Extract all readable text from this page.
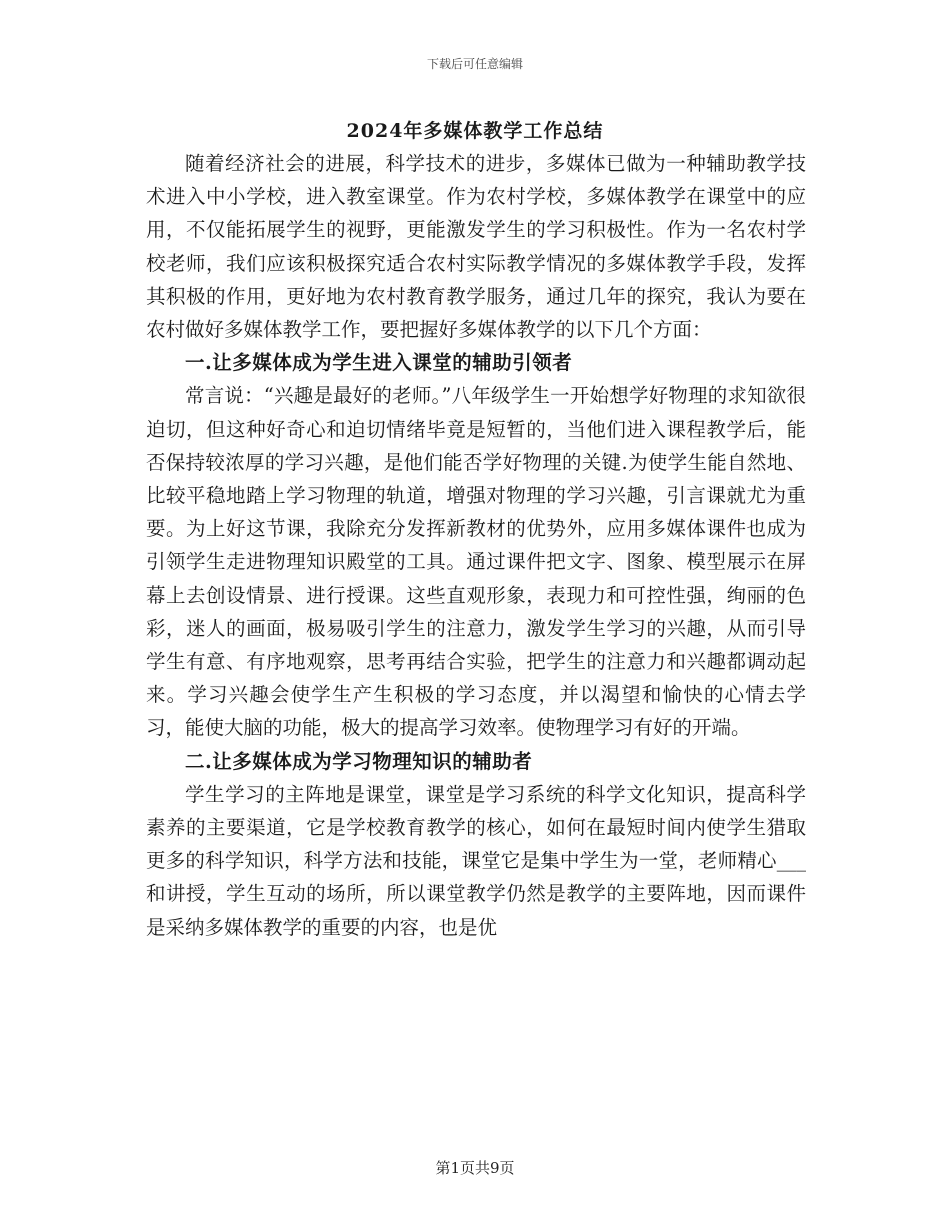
下载后可任意编辑
2024年多媒体教学工作总结

随着经济社会的进展，科学技术的进步，多媒体已做为一种辅助教学技术进入中小学校，进入教室课堂。作为农村学校，多媒体教学在课堂中的应用，不仅能拓展学生的视野，更能激发学生的学习积极性。作为一名农村学校老师，我们应该积极探究适合农村实际教学情况的多媒体教学手段，发挥其积极的作用，更好地为农村教育教学服务，通过几年的探究，我认为要在农村做好多媒体教学工作，要把握好多媒体教学的以下几个方面：

一.让多媒体成为学生进入课堂的辅助引领者

常言说：“兴趣是最好的老师。”八年级学生一开始想学好物理的求知欲很迫切，但这种好奇心和迫切情绪毕竟是短暂的，当他们进入课程教学后，能否保持较浓厚的学习兴趣，是他们能否学好物理的关键.为使学生能自然地、比较平稳地踏上学习物理的轨道，增强对物理的学习兴趣，引言课就尤为重要。为上好这节课，我除充分发挥新教材的优势外，应用多媒体课件也成为引领学生走进物理知识殿堂的工具。通过课件把文字、图象、模型展示在屏幕上去创设情景、进行授课。这些直观形象，表现力和可控性强，绚丽的色彩，迷人的画面，极易吸引学生的注意力，激发学生学习的兴趣，从而引导学生有意、有序地观察，思考再结合实验，把学生的注意力和兴趣都调动起来。学习兴趣会使学生产生积极的学习态度，并以渴望和愉快的心情去学习，能使大脑的功能，极大的提高学习效率。使物理学习有好的开端。

二.让多媒体成为学习物理知识的辅助者

学生学习的主阵地是课堂，课堂是学习系统的科学文化知识，提高科学素养的主要渠道，它是学校教育教学的核心，如何在最短时间内使学生猎取更多的科学知识，科学方法和技能，课堂它是集中学生为一堂，老师精心___和讲授，学生互动的场所，所以课堂教学仍然是教学的主要阵地，因而课件是采纳多媒体教学的重要的内容，也是优

第1页共9页
